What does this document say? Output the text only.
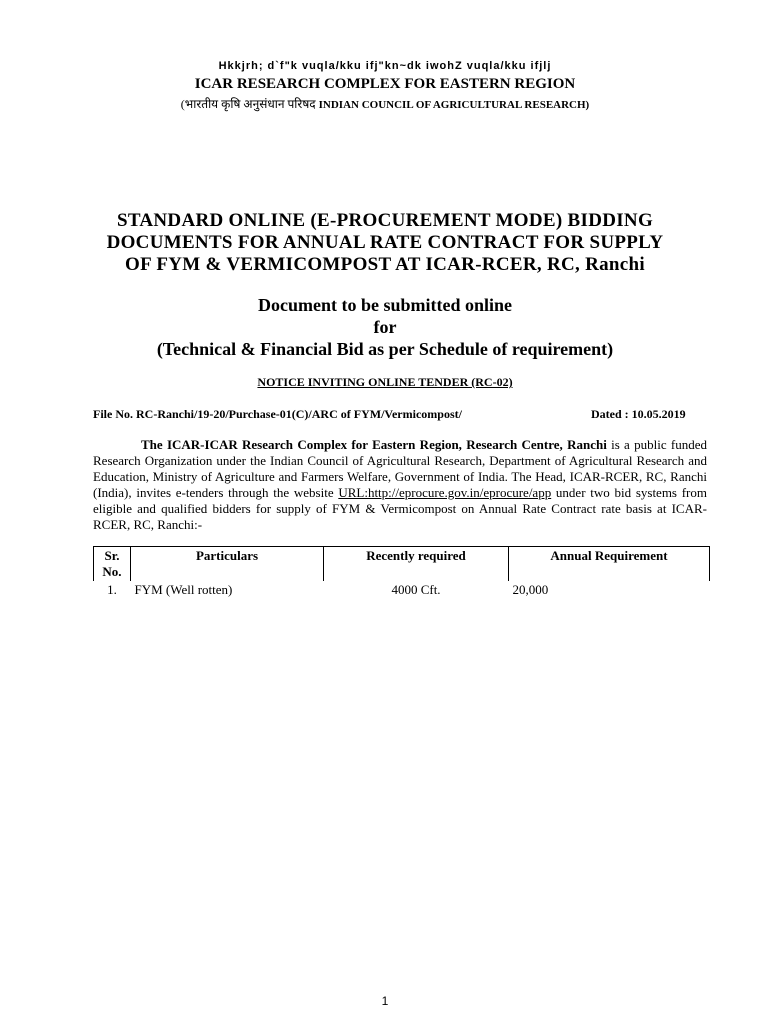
Hkkjrh; d`f"k vuqla/kku ifj"kn~dk iwohZ vuqla/kku ifjlj
ICAR RESEARCH COMPLEX FOR EASTERN REGION
(भारतीय कृषि अनुसंधान परिषद INDIAN COUNCIL OF AGRICULTURAL RESEARCH)
STANDARD ONLINE (E-PROCUREMENT MODE) BIDDING
DOCUMENTS FOR ANNUAL RATE CONTRACT FOR SUPPLY
OF FYM & VERMICOMPOST AT ICAR-RCER, RC, Ranchi
Document to be submitted online
for
(Technical & Financial Bid as per Schedule of requirement)
NOTICE INVITING ONLINE TENDER (RC-02)
File No. RC-Ranchi/19-20/Purchase-01(C)/ARC of FYM/Vermicompost/	Dated : 10.05.2019
The ICAR-ICAR Research Complex for Eastern Region, Research Centre, Ranchi is a public funded Research Organization under the Indian Council of Agricultural Research, Department of Agricultural Research and Education, Ministry of Agriculture and Farmers Welfare, Government of India. The Head, ICAR-RCER, RC, Ranchi (India), invites e-tenders through the website URL:http://eprocure.gov.in/eprocure/app under two bid systems from eligible and qualified bidders for supply of FYM & Vermicompost on Annual Rate Contract rate basis at ICAR-RCER, RC, Ranchi:-
Sr. No.	Particulars	Recently required	Annual Requirement
1.	FYM (Well rotten)	4000 Cft.	20,000
1
